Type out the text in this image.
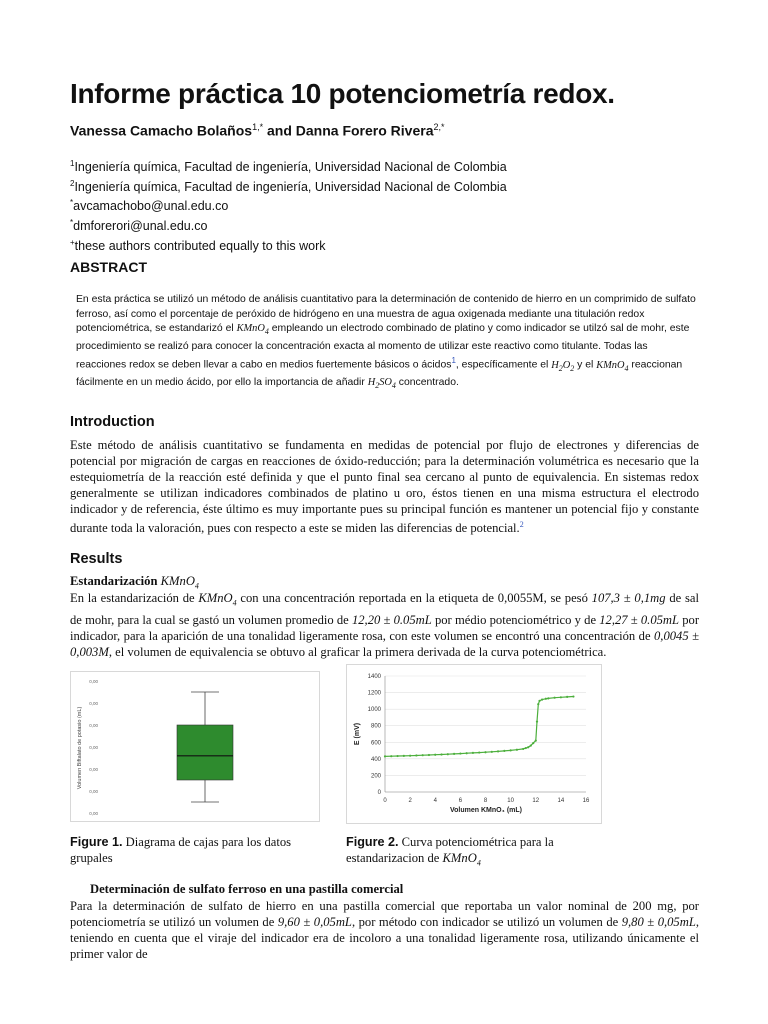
Informe práctica 10 potenciometría redox.
Vanessa Camacho Bolaños$^{1,*}$ and Danna Forero Rivera$^{2,*}$
$^1$Ingeniería química, Facultad de ingeniería, Universidad Nacional de Colombia
$^2$Ingeniería química, Facultad de ingeniería, Universidad Nacional de Colombia
*avcamachobo@unal.edu.co
*dmforerori@unal.edu.co
+these authors contributed equally to this work
ABSTRACT
En esta práctica se utilizó un método de análisis cuantitativo para la determinación de contenido de hierro en un comprimido de sulfato ferroso, así como el porcentaje de peróxido de hidrógeno en una muestra de agua oxigenada mediante una titulación redox potenciométrica, se estandarizó el KMnO$_4$ empleando un electrodo combinado de platino y como indicador se utilzó sal de mohr, este procedimiento se realizó para conocer la concentración exacta al momento de utilizar este reactivo como titulante. Todas las reacciones redox se deben llevar a cabo en medios fuertemente básicos o ácidos$^1$, específicamente el $H_2O_2$ y el KMnO$_4$ reaccionan fácilmente en un medio ácido, por ello la importancia de añadir $H_2SO_4$ concentrado.
Introduction
Este método de análisis cuantitativo se fundamenta en medidas de potencial por flujo de electrones y diferencias de potencial por migración de cargas en reacciones de óxido-reducción; para la determinación volumétrica es necesario que la estequiometría de la reacción esté definida y que el punto final sea cercano al punto de equivalencia. En sistemas redox generalmente se utilizan indicadores combinados de platino u oro, éstos tienen en una misma estructura el electrodo indicador y de referencia, éste último es muy importante pues su principal función es mantener un potencial fijo y constante durante toda la valoración, pues con respecto a este se miden las diferencias de potencial.$^2$
Results
Estandarización KMnO$_4$
En la estandarización de KMnO$_4$ con una concentración reportada en la etiqueta de 0,0055M, se pesó 107,3 ± 0,1mg de sal de mohr, para la cual se gastó un volumen promedio de 12,20 ± 0.05mL por médio potenciométrico y de 12,27 ± 0.05mL por indicador, para la aparición de una tonalidad ligeramente rosa, con este volumen se encontró una concentración de 0,0045 ± 0,003M, el volumen de equivalencia se obtuvo al graficar la primera derivada de la curva potenciométrica.
Volumen Biftalato de potasio (mL)
0,00
0,00
0,00
0,00
0,00
0,00
0,00
0
200
400
600
800
1000
1200
1400
0	2	4	6	8	10	12	14	16
E (mV)
Volumen KMnO₄ (mL)
Figure 1. Diagrama de cajas para los datos grupales
Figure 2. Curva potenciométrica para la estandarizacion de KMnO$_4$
Determinación de sulfato ferroso en una pastilla comercial
Para la determinación de sulfato de hierro en una pastilla comercial que reportaba un valor nominal de 200 mg, por potenciometría se utilizó un volumen de 9,60 ± 0,05mL, por método con indicador se utilizó un volumen de 9,80 ± 0,05mL, teniendo en cuenta que el viraje del indicador era de incoloro a una tonalidad ligeramente rosa, utilizando únicamente el primer valor de
